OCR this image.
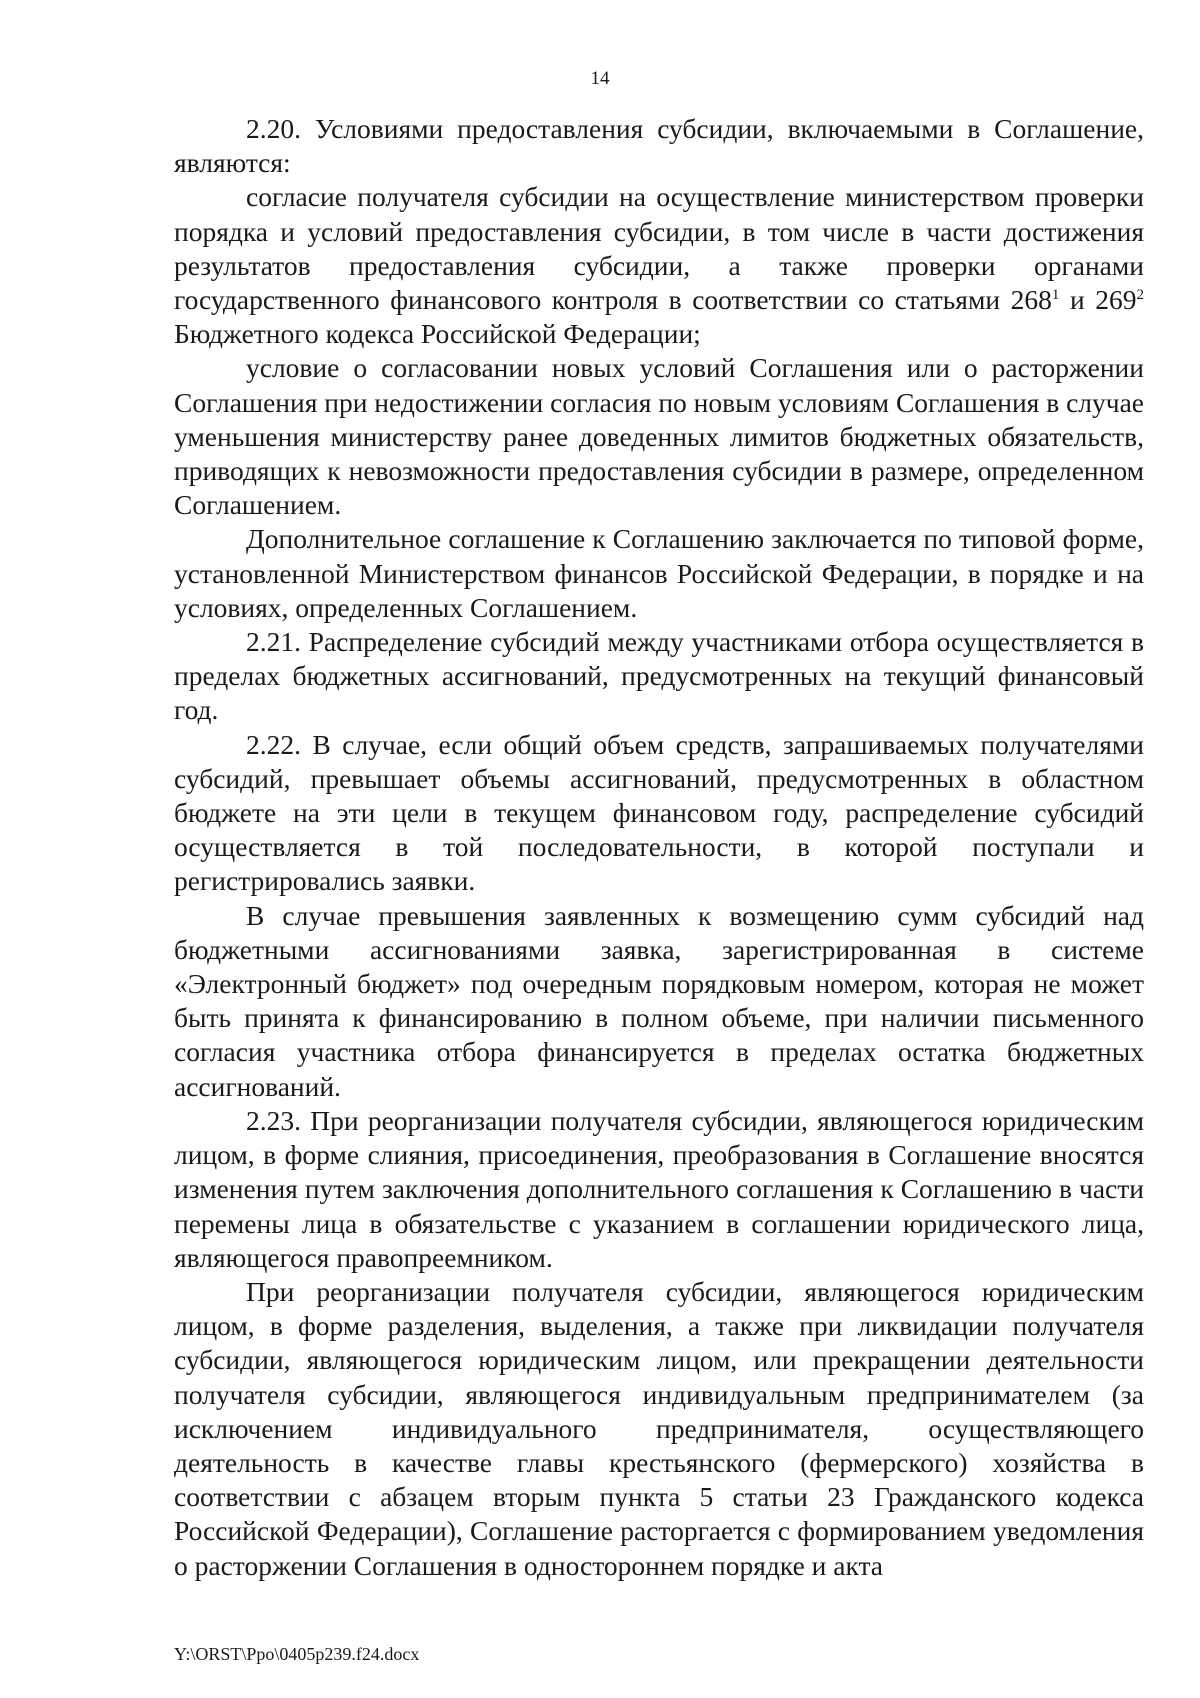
14

2.20. Условиями предоставления субсидии, включаемыми в Соглашение, являются:

согласие получателя субсидии на осуществление министерством проверки порядка и условий предоставления субсидии, в том числе в части достижения результатов предоставления субсидии, а также проверки органами государственного финансового контроля в соответствии со статьями $268^1$ и $269^2$ Бюджетного кодекса Российской Федерации;

условие о согласовании новых условий Соглашения или о расторжении Соглашения при недостижении согласия по новым условиям Соглашения в случае уменьшения министерству ранее доведенных лимитов бюджетных обязательств, приводящих к невозможности предоставления субсидии в размере, определенном Соглашением.

Дополнительное соглашение к Соглашению заключается по типовой форме, установленной Министерством финансов Российской Федерации, в порядке и на условиях, определенных Соглашением.

2.21. Распределение субсидий между участниками отбора осуществляется в пределах бюджетных ассигнований, предусмотренных на текущий финансовый год.

2.22. В случае, если общий объем средств, запрашиваемых получателями субсидий, превышает объемы ассигнований, предусмотренных в областном бюджете на эти цели в текущем финансовом году, распределение субсидий осуществляется в той последовательности, в которой поступали и регистрировались заявки.

В случае превышения заявленных к возмещению сумм субсидий над бюджетными ассигнованиями заявка, зарегистрированная в системе «Электронный бюджет» под очередным порядковым номером, которая не может быть принята к финансированию в полном объеме, при наличии письменного согласия участника отбора финансируется в пределах остатка бюджетных ассигнований.

2.23. При реорганизации получателя субсидии, являющегося юридическим лицом, в форме слияния, присоединения, преобразования в Соглашение вносятся изменения путем заключения дополнительного соглашения к Соглашению в части перемены лица в обязательстве с указанием в соглашении юридического лица, являющегося правопреемником.

При реорганизации получателя субсидии, являющегося юридическим лицом, в форме разделения, выделения, а также при ликвидации получателя субсидии, являющегося юридическим лицом, или прекращении деятельности получателя субсидии, являющегося индивидуальным предпринимателем (за исключением индивидуального предпринимателя, осуществляющего деятельность в качестве главы крестьянского (фермерского) хозяйства в соответствии с абзацем вторым пункта 5 статьи 23 Гражданского кодекса Российской Федерации), Соглашение расторгается с формированием уведомления о расторжении Соглашения в одностороннем порядке и акта

Y:\ORST\Ppo\0405p239.f24.docx
